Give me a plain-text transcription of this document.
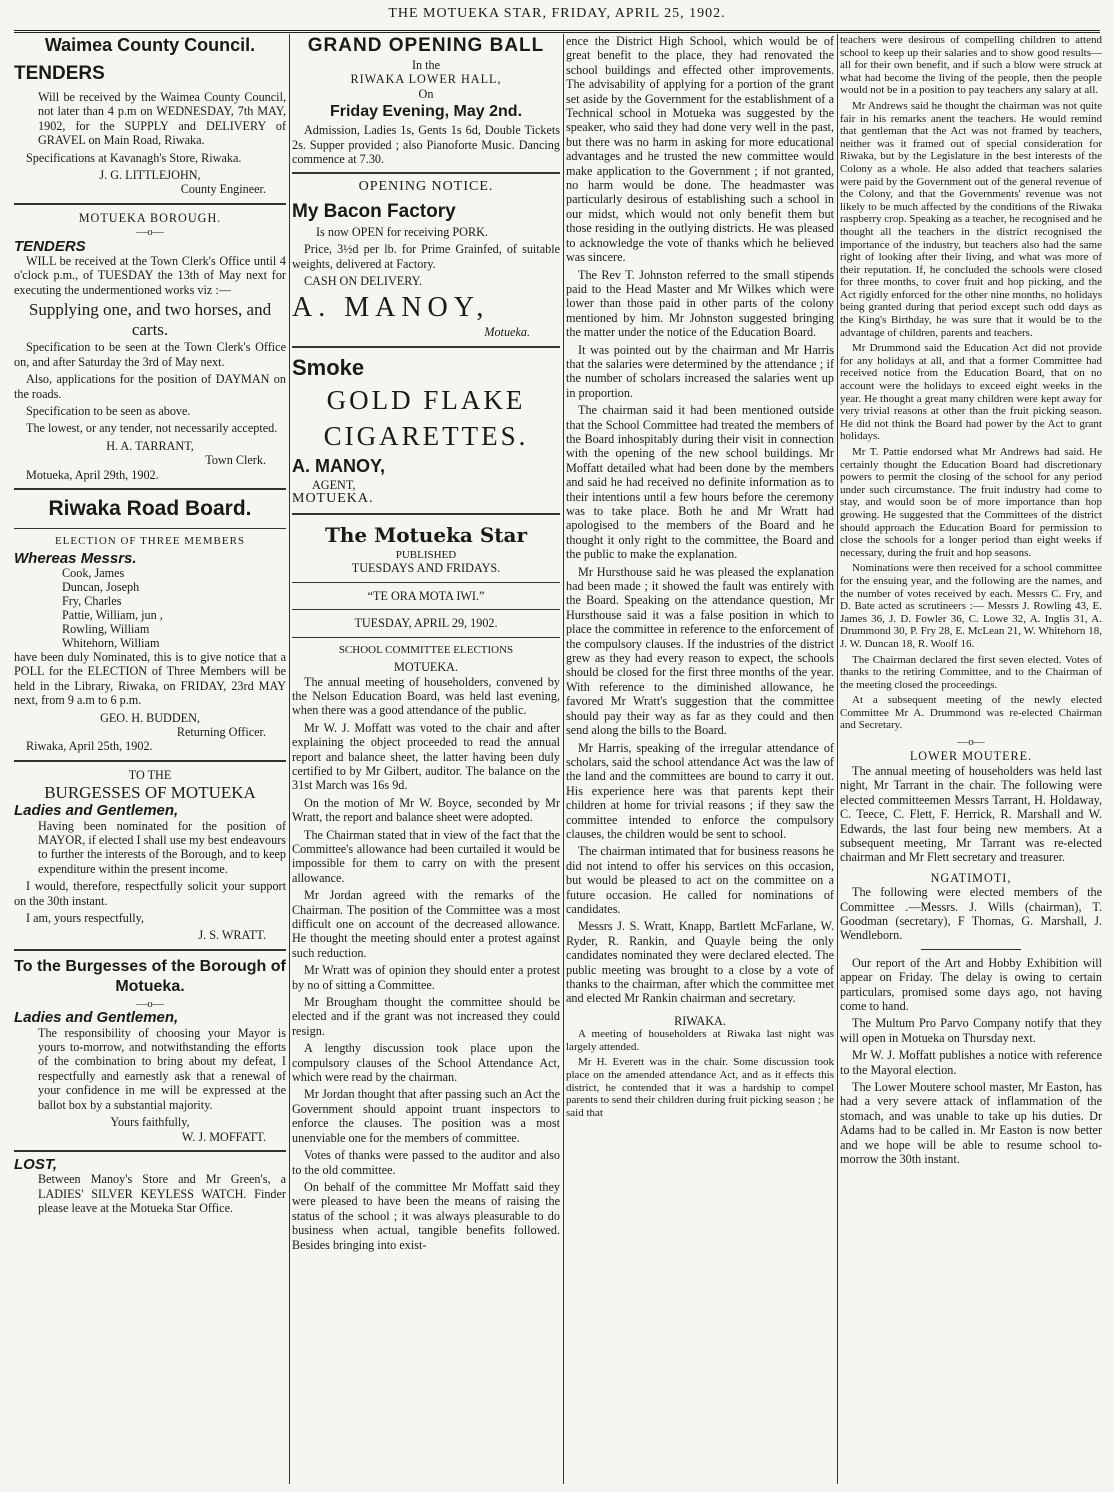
THE MOTUEKA STAR, FRIDAY, APRIL 25, 1902.
Waimea County Council.
TENDERS

Will be received by the Waimea County Council, not later than 4 p.m on WEDNESDAY, 7th MAY, 1902, for the SUPPLY and DELIVERY of GRAVEL on Main Road, Riwaka.

Specifications at Kavanagh's Store, Riwaka.

J. G. LITTLEJOHN,
County Engineer.
MOTUEKA BOROUGH.
—o—
TENDERS

WILL be received at the Town Clerk's Office until 4 o'clock p.m., of TUESDAY the 13th of May next for executing the undermentioned works viz :—

Supplying one, and two horses, and carts.

Specification to be seen at the Town Clerk's Office on, and after Saturday the 3rd of May next.

Also, applications for the position of DAYMAN on the roads.

Specification to be seen as above.

The lowest, or any tender, not necessarily accepted.

H. A. TARRANT,
Town Clerk.

Motueka, April 29th, 1902.

Riwaka Road Board.
ELECTION OF THREE MEMBERS
Whereas Messrs.
Cook, James
Duncan, Joseph
Fry, Charles
Pattie, William, jun ,
Rowling, William
Whitehorn, William

have been duly Nominated, this is to give notice that a POLL for the ELECTION of Three Members will be held in the Library, Riwaka, on FRIDAY, 23rd MAY next, from 9 a.m to 6 p.m.

GEO. H. BUDDEN,
Returning Officer.

Riwaka, April 25th, 1902.

TO THE
BURGESSES OF MOTUEKA
Ladies and Gentlemen,

Having been nominated for the position of MAYOR, if elected I shall use my best endeavours to further the interests of the Borough, and to keep expenditure within the present income.

I would, therefore, respectfully solicit your support on the 30th instant.

I am, yours respectfully,

J. S. WRATT.
To the Burgesses of the Borough of Motueka.
—o—
Ladies and Gentlemen,

The responsibility of choosing your Mayor is yours to-morrow, and notwithstanding the efforts of the combination to bring about my defeat, I respectfully and earnestly ask that a renewal of your confidence in me will be expressed at the ballot box by a substantial majority.

Yours faithfully,
W. J. MOFFATT.
LOST,

Between Manoy's Store and Mr Green's, a LADIES' SILVER KEYLESS WATCH. Finder please leave at the Motueka Star Office.

GRAND OPENING BALL
In the
RIWAKA LOWER HALL,
On
Friday Evening, May 2nd.

Admission, Ladies 1s, Gents 1s 6d, Double Tickets 2s. Supper provided ; also Pianoforte Music. Dancing commence at 7.30.

OPENING NOTICE.
My Bacon Factory

Is now OPEN for receiving PORK.

Price, 3½d per lb. for Prime Grainfed, of suitable weights, delivered at Factory.

CASH ON DELIVERY.

A. MANOY,
Motueka.
Smoke
GOLD FLAKE
CIGARETTES.
A. MANOY,
AGENT,
MOTUEKA.
The Motueka Star
PUBLISHED
TUESDAYS AND FRIDAYS.
“TE ORA MOTA IWI.”
TUESDAY, APRIL 29, 1902.
SCHOOL COMMITTEE ELECTIONS
MOTUEKA.

The annual meeting of householders, convened by the Nelson Education Board, was held last evening, when there was a good attendance of the public.

Mr W. J. Moffatt was voted to the chair and after explaining the object proceeded to read the annual report and balance sheet, the latter having been duly certified to by Mr Gilbert, auditor. The balance on the 31st March was 16s 9d.

On the motion of Mr W. Boyce, seconded by Mr Wratt, the report and balance sheet were adopted.

The Chairman stated that in view of the fact that the Committee's allowance had been curtailed it would be impossible for them to carry on with the present allowance.

Mr Jordan agreed with the remarks of the Chairman. The position of the Committee was a most difficult one on account of the decreased allowance. He thought the meeting should enter a protest against such reduction.

Mr Wratt was of opinion they should enter a protest by no of sitting a Committee.

Mr Brougham thought the committee should be elected and if the grant was not increased they could resign.

A lengthy discussion took place upon the compulsory clauses of the School Attendance Act, which were read by the chairman.

Mr Jordan thought that after passing such an Act the Government should appoint truant inspectors to enforce the clauses. The position was a most unenviable one for the members of committee.

Votes of thanks were passed to the auditor and also to the old committee.

On behalf of the committee Mr Moffatt said they were pleased to have been the means of raising the status of the school ; it was always pleasurable to do business when actual, tangible benefits followed. Besides bringing into exist-

ence the District High School, which would be of great benefit to the place, they had renovated the school buildings and effected other improvements. The advisability of applying for a portion of the grant set aside by the Government for the establishment of a Technical school in Motueka was suggested by the speaker, who said they had done very well in the past, but there was no harm in asking for more educational advantages and he trusted the new committee would make application to the Government ; if not granted, no harm would be done. The headmaster was particularly desirous of establishing such a school in our midst, which would not only benefit them but those residing in the outlying districts. He was pleased to acknowledge the vote of thanks which he believed was sincere.

The Rev T. Johnston referred to the small stipends paid to the Head Master and Mr Wilkes which were lower than those paid in other parts of the colony mentioned by him. Mr Johnston suggested bringing the matter under the notice of the Education Board.

It was pointed out by the chairman and Mr Harris that the salaries were determined by the attendance ; if the number of scholars increased the salaries went up in proportion.

The chairman said it had been mentioned outside that the School Committee had treated the members of the Board inhospitably during their visit in connection with the opening of the new school buildings. Mr Moffatt detailed what had been done by the members and said he had received no definite information as to their intentions until a few hours before the ceremony was to take place. Both he and Mr Wratt had apologised to the members of the Board and he thought it only right to the committee, the Board and the public to make the explanation.

Mr Hursthouse said he was pleased the explanation had been made ; it showed the fault was entirely with the Board. Speaking on the attendance question, Mr Hursthouse said it was a false position in which to place the committee in reference to the enforcement of the compulsory clauses. If the industries of the district grew as they had every reason to expect, the schools should be closed for the first three months of the year. With reference to the diminished allowance, he favored Mr Wratt's suggestion that the committee should pay their way as far as they could and then send along the bills to the Board.

Mr Harris, speaking of the irregular attendance of scholars, said the school attendance Act was the law of the land and the committees are bound to carry it out. His experience here was that parents kept their children at home for trivial reasons ; if they saw the committee intended to enforce the compulsory clauses, the children would be sent to school.

The chairman intimated that for business reasons he did not intend to offer his services on this occasion, but would be pleased to act on the committee on a future occasion. He called for nominations of candidates.

Messrs J. S. Wratt, Knapp, Bartlett McFarlane, W. Ryder, R. Rankin, and Quayle being the only candidates nominated they were declared elected. The public meeting was brought to a close by a vote of thanks to the chairman, after which the committee met and elected Mr Rankin chairman and secretary.

RIWAKA.

A meeting of householders at Riwaka last night was largely attended.

Mr H. Everett was in the chair. Some discussion took place on the amended attendance Act, and as it effects this district, he contended that it was a hardship to compel parents to send their children during fruit picking season ; he said that

teachers were desirous of compelling children to attend school to keep up their salaries and to show good results—all for their own benefit, and if such a blow were struck at what had become the living of the people, then the people would not be in a position to pay teachers any salary at all.

Mr Andrews said he thought the chairman was not quite fair in his remarks anent the teachers. He would remind that gentleman that the Act was not framed by teachers, neither was it framed out of special consideration for Riwaka, but by the Legislature in the best interests of the Colony as a whole. He also added that teachers salaries were paid by the Government out of the general revenue of the Colony, and that the Governments' revenue was not likely to be much affected by the conditions of the Riwaka raspberry crop. Speaking as a teacher, he recognised and he thought all the teachers in the district recognised the importance of the industry, but teachers also had the same right of looking after their living, and what was more of their reputation. If, he concluded the schools were closed for three months, to cover fruit and hop picking, and the Act rigidly enforced for the other nine months, no holidays being granted during that period except such odd days as the King's Birthday, he was sure that it would be to the advantage of children, parents and teachers.

Mr Drummond said the Education Act did not provide for any holidays at all, and that a former Committee had received notice from the Education Board, that on no account were the holidays to exceed eight weeks in the year. He thought a great many children were kept away for very trivial reasons at other than the fruit picking season. He did not think the Board had power by the Act to grant holidays.

Mr T. Pattie endorsed what Mr Andrews had said. He certainly thought the Education Board had discretionary powers to permit the closing of the school for any period under such circumstance. The fruit industry had come to stay, and would soon be of more importance than hop growing. He suggested that the Committees of the district should approach the Education Board for permission to close the schools for a longer period than eight weeks if necessary, during the fruit and hop seasons.

Nominations were then received for a school committee for the ensuing year, and the following are the names, and the number of votes received by each. Messrs C. Fry, and D. Bate acted as scrutineers :— Messrs J. Rowling 43, E. James 36, J. D. Fowler 36, C. Lowe 32, A. Inglis 31, A. Drummond 30, P. Fry 28, E. McLean 21, W. Whitehorn 18, J. W. Duncan 18, R. Woolf 16.

The Chairman declared the first seven elected. Votes of thanks to the retiring Committee, and to the Chairman of the meeting closed the proceedings.

At a subsequent meeting of the newly elected Committee Mr A. Drummond was re-elected Chairman and Secretary.

—o—
LOWER MOUTERE.

The annual meeting of householders was held last night, Mr Tarrant in the chair. The following were elected committeemen Messrs Tarrant, H. Holdaway, C. Teece, C. Flett, F. Herrick, R. Marshall and W. Edwards, the last four being new members. At a subsequent meeting, Mr Tarrant was re-elected chairman and Mr Flett secretary and treasurer.

NGATIMOTI,

The following were elected members of the Committee .—Messrs. J. Wills (chairman), T. Goodman (secretary), F Thomas, G. Marshall, J. Wendleborn.

Our report of the Art and Hobby Exhibition will appear on Friday. The delay is owing to certain particulars, promised some days ago, not having come to hand.

The Multum Pro Parvo Company notify that they will open in Motueka on Thursday next.

Mr W. J. Moffatt publishes a notice with reference to the Mayoral election.

The Lower Moutere school master, Mr Easton, has had a very severe attack of inflammation of the stomach, and was unable to take up his duties. Dr Adams had to be called in. Mr Easton is now better and we hope will be able to resume school to-morrow the 30th instant.
